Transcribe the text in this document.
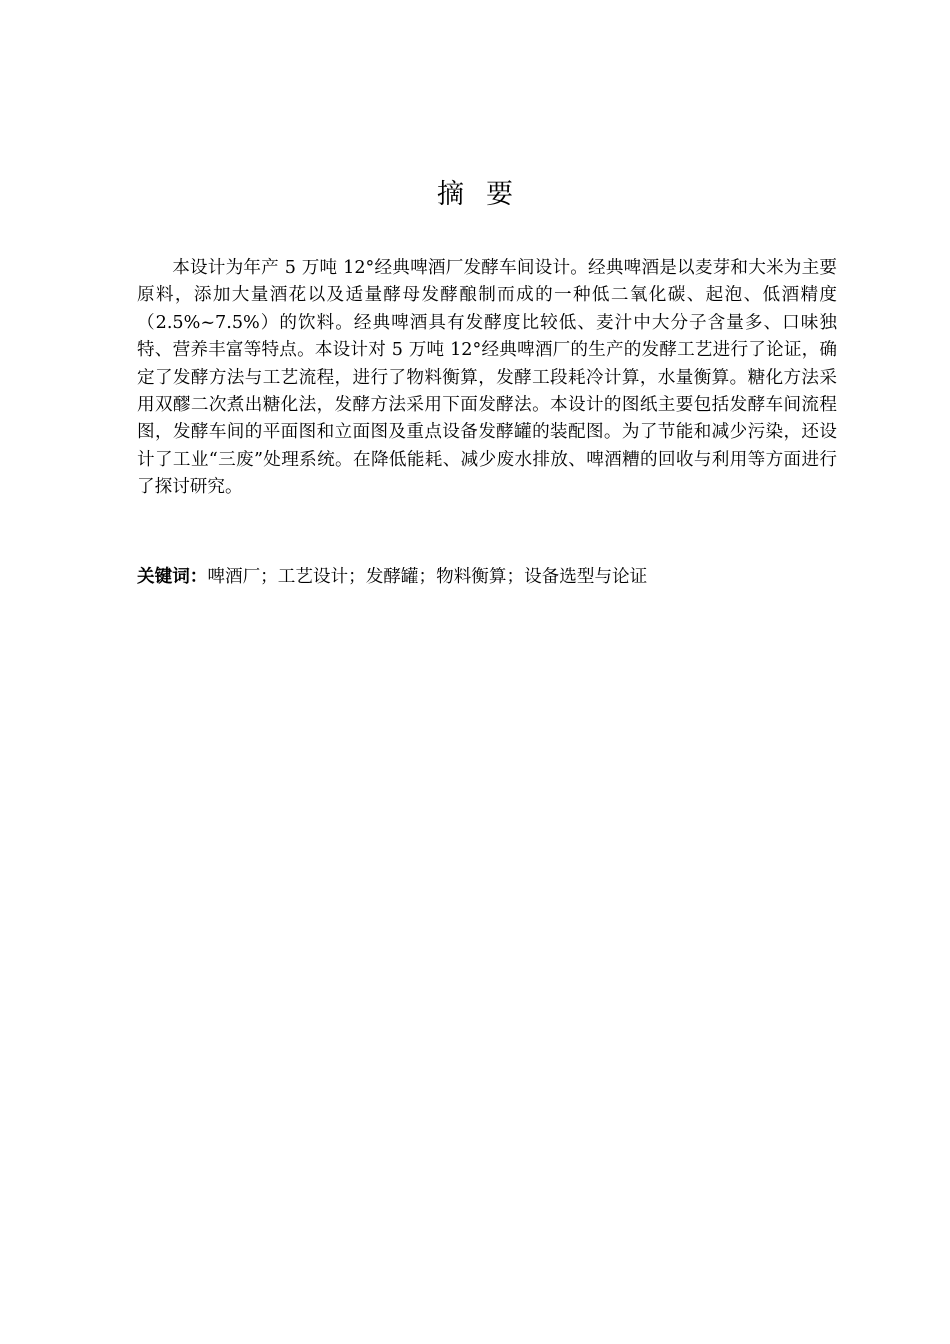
摘要

本设计为年产 5 万吨 12°经典啤酒厂发酵车间设计。经典啤酒是以麦芽和大米为主要原料，添加大量酒花以及适量酵母发酵酿制而成的一种低二氧化碳、起泡、低酒精度（2.5%~7.5%）的饮料。经典啤酒具有发酵度比较低、麦汁中大分子含量多、口味独特、营养丰富等特点。本设计对 5 万吨 12°经典啤酒厂的生产的发酵工艺进行了论证，确定了发酵方法与工艺流程，进行了物料衡算，发酵工段耗冷计算，水量衡算。糖化方法采用双醪二次煮出糖化法，发酵方法采用下面发酵法。本设计的图纸主要包括发酵车间流程图，发酵车间的平面图和立面图及重点设备发酵罐的装配图。为了节能和减少污染，还设计了工业“三废”处理系统。在降低能耗、减少废水排放、啤酒糟的回收与利用等方面进行了探讨研究。

关键词：啤酒厂；工艺设计；发酵罐；物料衡算；设备选型与论证
